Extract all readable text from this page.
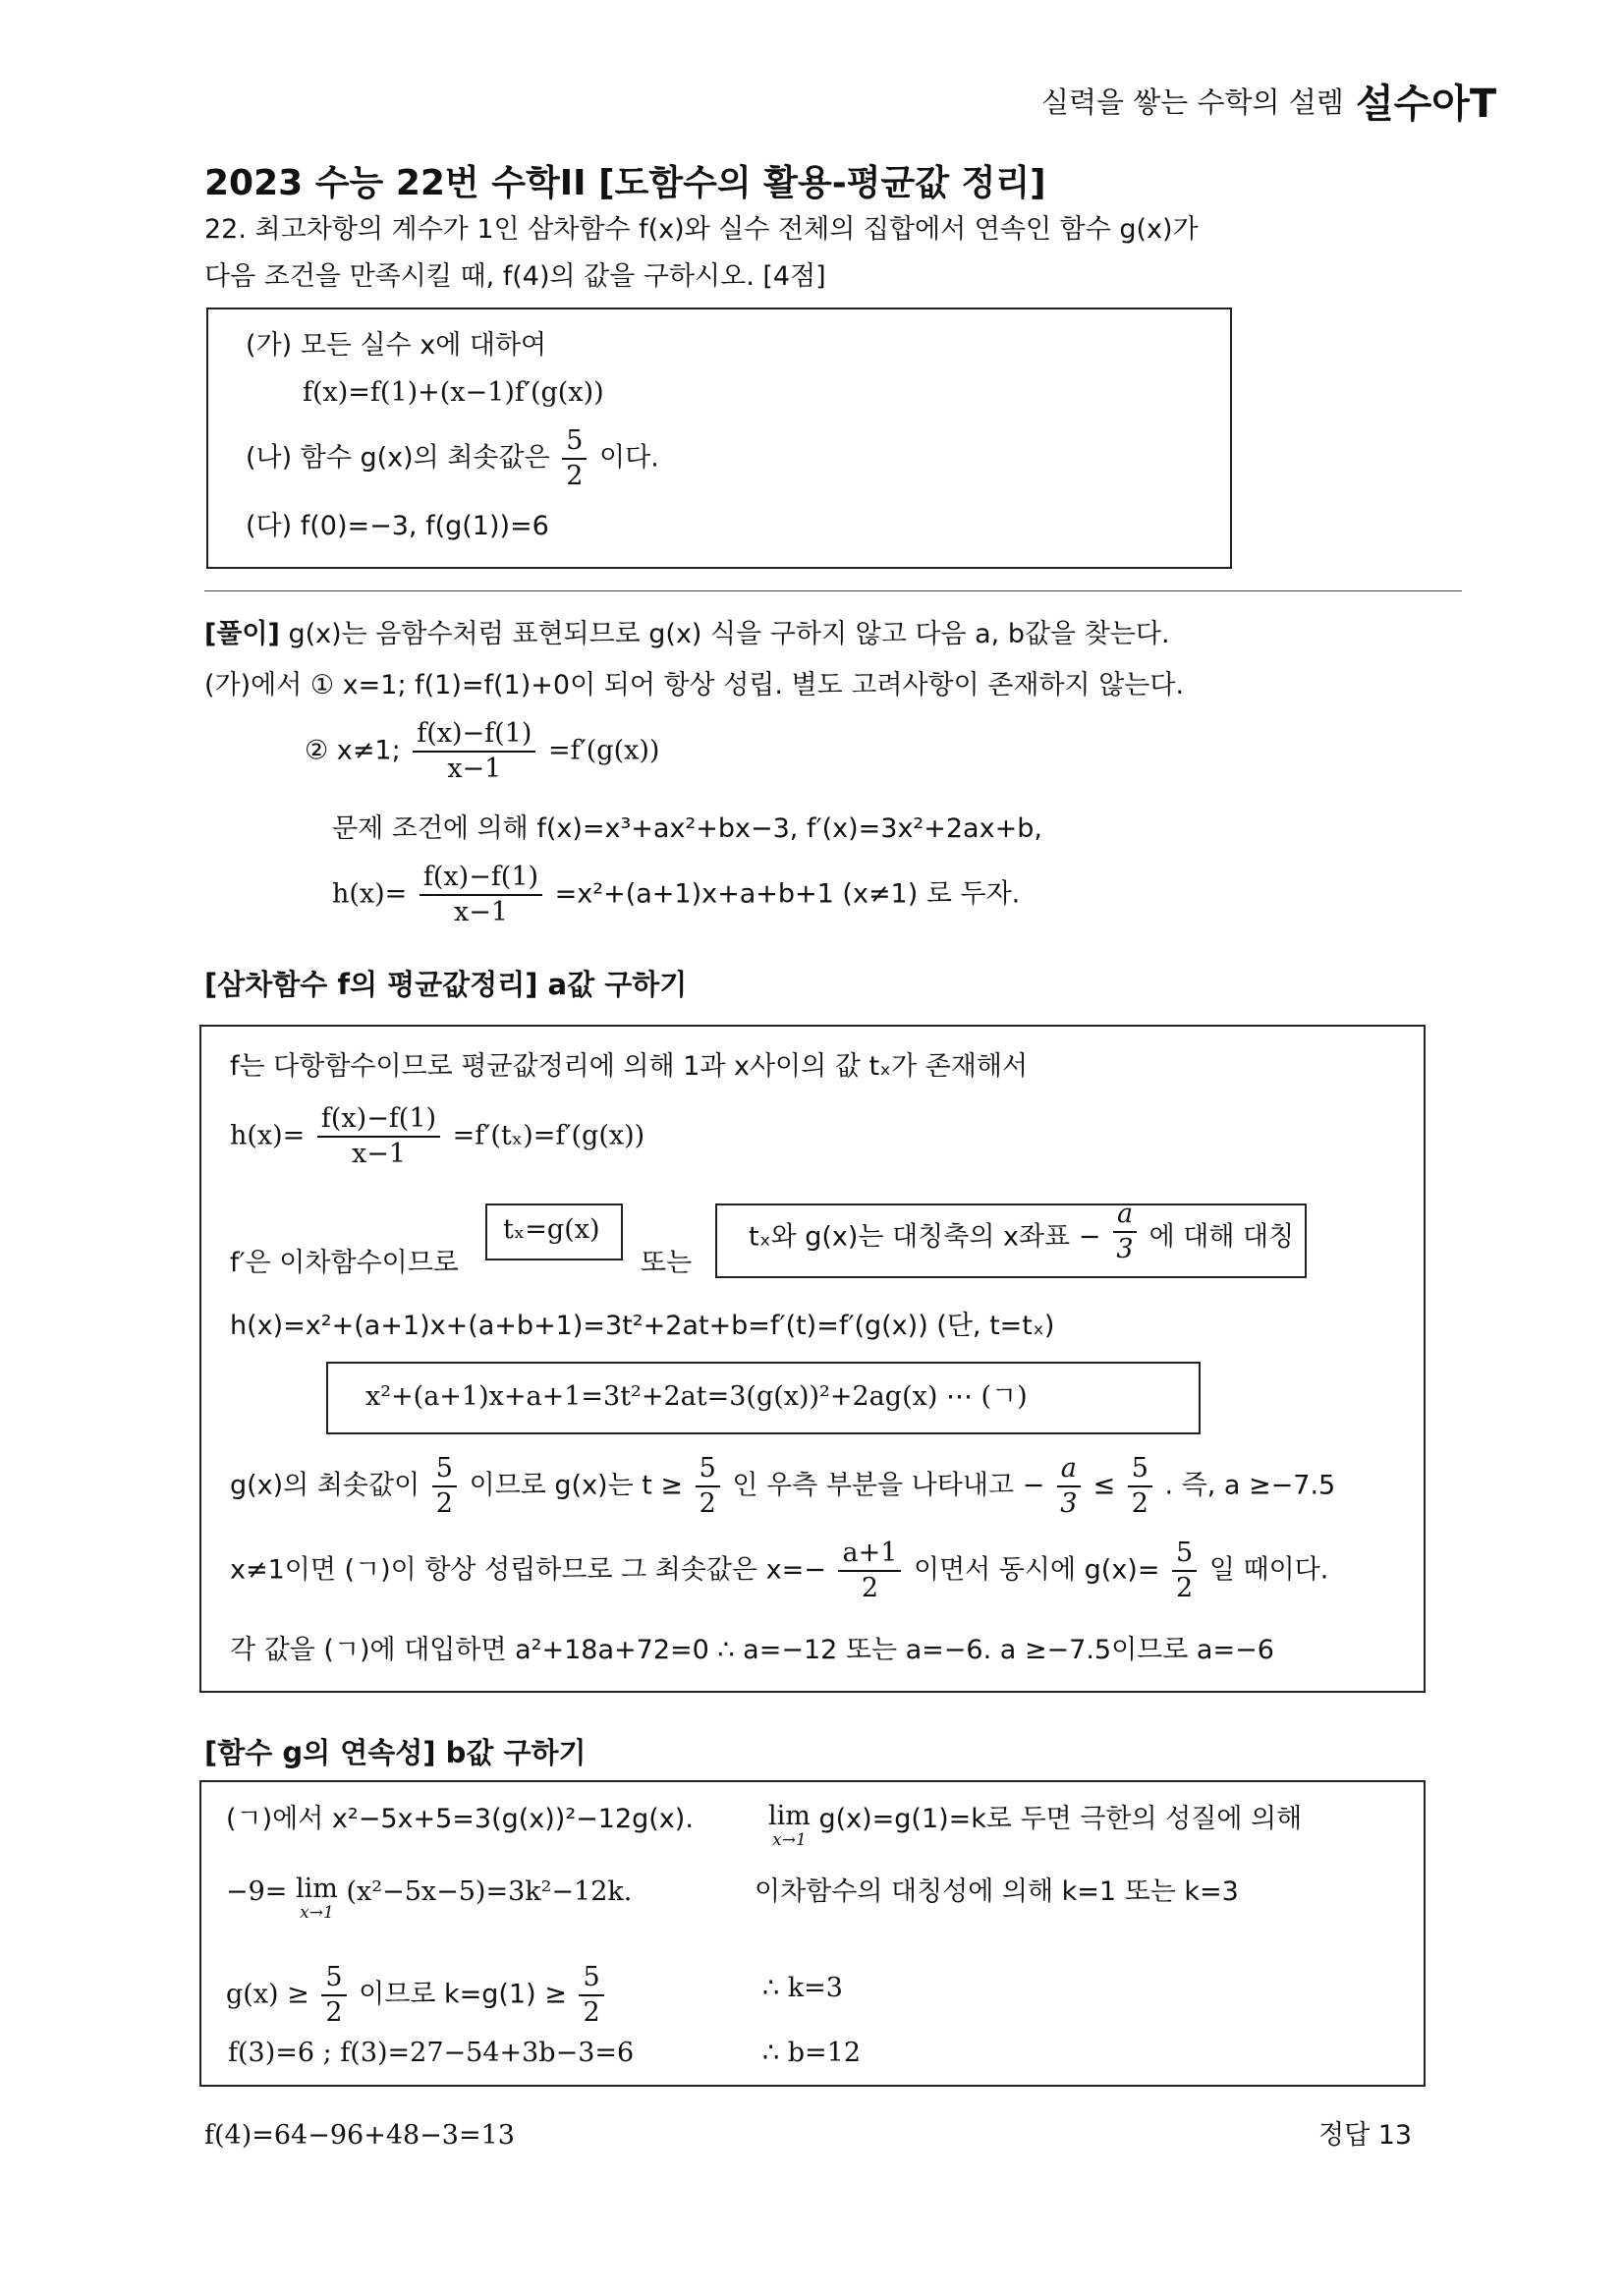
실력을 쌓는 수학의 설렘 설수아T
2023 수능 22번 수학II [도함수의 활용-평균값 정리]
22. 최고차항의 계수가 1인 삼차함수 f(x)와 실수 전체의 집합에서 연속인 함수 g(x)가
다음 조건을 만족시킬 때, f(4)의 값을 구하시오. [4점]
(가) 모든 실수 x에 대하여
f(x)=f(1)+(x−1)f′(g(x))
(나) 함수 g(x)의 최솟값은 $\frac{5}{2}$ 이다.
(다) f(0)=−3, f(g(1))=6
[풀이] g(x)는 음함수처럼 표현되므로 g(x) 식을 구하지 않고 다음 a, b값을 찾는다.
(가)에서 ① x=1; f(1)=f(1)+0이 되어 항상 성립. 별도 고려사항이 존재하지 않는다.
② x≠1; $\frac{f(x)-f(1)}{x-1} =f'(g(x))$
문제 조건에 의해 f(x)=x³+ax²+bx−3, f′(x)=3x²+2ax+b,
$h(x)= \frac{f(x)-f(1)}{x-1} =x^2+(a+1)x+a+b+1$ (x≠1) 로 두자.
[삼차함수 f의 평균값정리] a값 구하기
f는 다항함수이므로 평균값정리에 의해 1과 x사이의 값 tₓ가 존재해서
$h(x)= \frac{f(x)-f(1)}{x-1} =f'(t_x)=f'(g(x))$
f′은 이차함수이므로
tₓ=g(x)
또는
tₓ와 g(x)는 대칭축의 x좌표 − $\frac{a}{3}$ 에 대해 대칭
h(x)=x²+(a+1)x+(a+b+1)=3t²+2at+b=f′(t)=f′(g(x)) (단, t=tₓ)
x²+(a+1)x+a+1=3t²+2at=3(g(x))²+2ag(x) ⋯ (ㄱ)
g(x)의 최솟값이 $\frac{5}{2}$ 이므로 g(x)는 $t \ge \frac{5}{2}$ 인 우측 부분을 나타내고 − $\frac{a}{3} \le \frac{5}{2}$ . 즉, a ≥−7.5
x≠1이면 (ㄱ)이 항상 성립하므로 그 최솟값은 $x=- \frac{a+1}{2}$ 이면서 동시에 $g(x)= \frac{5}{2}$ 일 때이다.
각 값을 (ㄱ)에 대입하면 a²+18a+72=0 ∴ a=−12 또는 a=−6. a ≥−7.5이므로 a=−6
[함수 g의 연속성] b값 구하기
(ㄱ)에서 x²−5x+5=3(g(x))²−12g(x).	lim
x→1
g(x)=g(1)=k로 두면 극한의 성질에 의해
−9= lim
x→1
(x²−5x−5)=3k²−12k.	이차함수의 대칭성에 의해 k=1 또는 k=3
$g(x) \ge \frac{5}{2}$ 이므로 $k=g(1) \ge \frac{5}{2}$	∴ k=3
f(3)=6 ; f(3)=27−54+3b−3=6	∴ b=12
f(4)=64−96+48−3=13	정답 13
